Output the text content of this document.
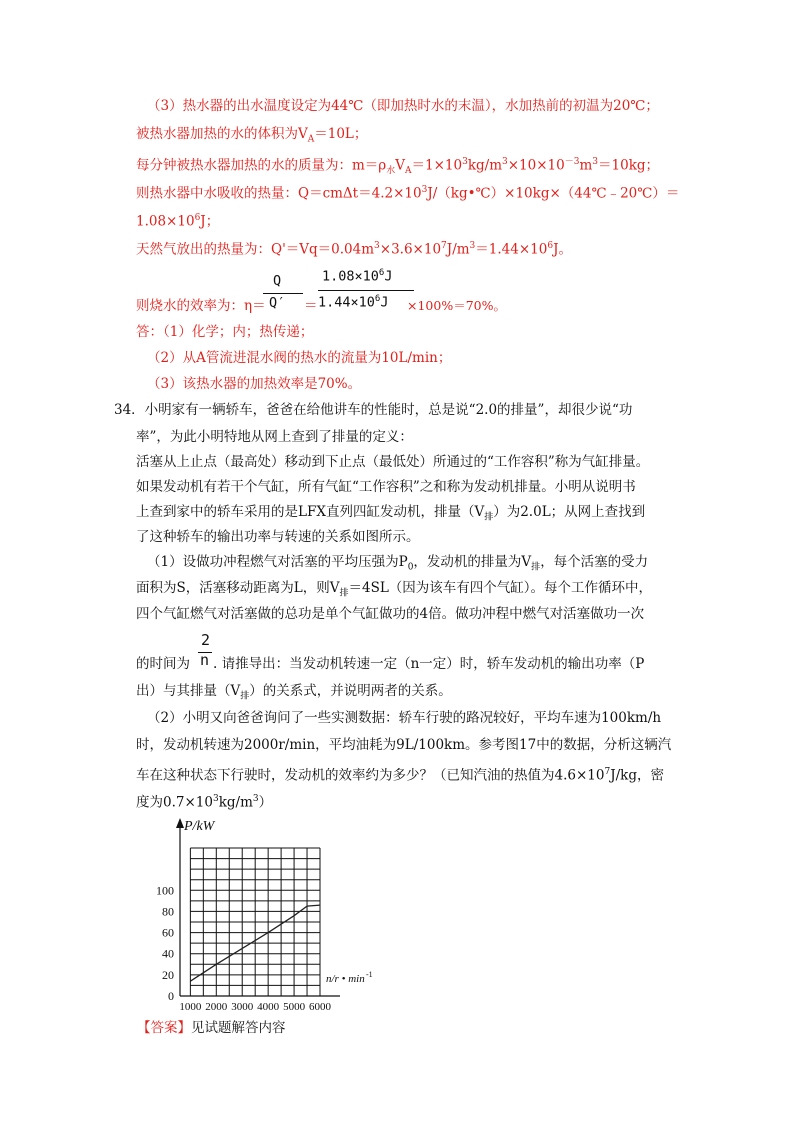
（3）热水器的出水温度设定为44℃（即加热时水的末温），水加热前的初温为20℃；
被热水器加热的水的体积为$V_A=10L$；
每分钟被热水器加热的水的质量为：$m=\rho_水V_A=1\times 10^3kg/m^3\times 10\times 10^{-3}m^3=10kg$；
则热水器中水吸收的热量：$Q=cm\Delta t=4.2\times 10^3J/(kg•℃)\times 10kg\times(44℃﹣20℃)=$
$1.08\times 10^6J$；
天然气放出的热量为：$Q'=Vq=0.04m^3\times 3.6\times 10^7J/m^3=1.44\times 10^6J$。
则烧水的效率为：η＝
Q
Q′ ＝
$1.08\times 10^6J$
$1.44\times 10^6J \times 100\%=70\%$。
答：（1）化学；内；热传递；
（2）从A管流进混水阀的热水的流量为10L/min；
（3）该热水器的加热效率是70%。
34．小明家有一辆轿车，爸爸在给他讲车的性能时，总是说“2.0的排量”，却很少说“功
率”，为此小明特地从网上查到了排量的定义：
活塞从上止点（最高处）移动到下止点（最低处）所通过的“工作容积”称为气缸排量。
如果发动机有若干个气缸，所有气缸“工作容积”之和称为发动机排量。小明从说明书
上查到家中的轿车采用的是LFX直列四缸发动机，排量$(V_排)$为2.0L；从网上查找到
了这种轿车的输出功率与转速的关系如图所示。
（1）设做功冲程燃气对活塞的平均压强为$P_0$，发动机的排量为$V_排$，每个活塞的受力
面积为S，活塞移动距离为L，则$V_排=4SL$（因为该车有四个气缸）。每个工作循环中，
四个气缸燃气对活塞做的总功是单个气缸做功的4倍。做功冲程中燃气对活塞做功一次
2
n
的时间为 . 请推导出：当发动机转速一定（n一定）时，轿车发动机的输出功率（P
出）与其排量$(V_排)$的关系式，并说明两者的关系。
（2）小明又向爸爸询问了一些实测数据：轿车行驶的路况较好，平均车速为100km/h
时，发动机转速为2000r/min，平均油耗为9L/100km。参考图17中的数据，分析这辆汽
车在这种状态下行驶时，发动机的效率约为多少？（已知汽油的热值为$4.6\times 10^7J/kg$，密
度为$0.7\times 10^3kg/m^3$）
1000 2000 3000 4000 5000 6000
0
20
40
60
80
100
P/kW
n/r • min -1
【答案】见试题解答内容
